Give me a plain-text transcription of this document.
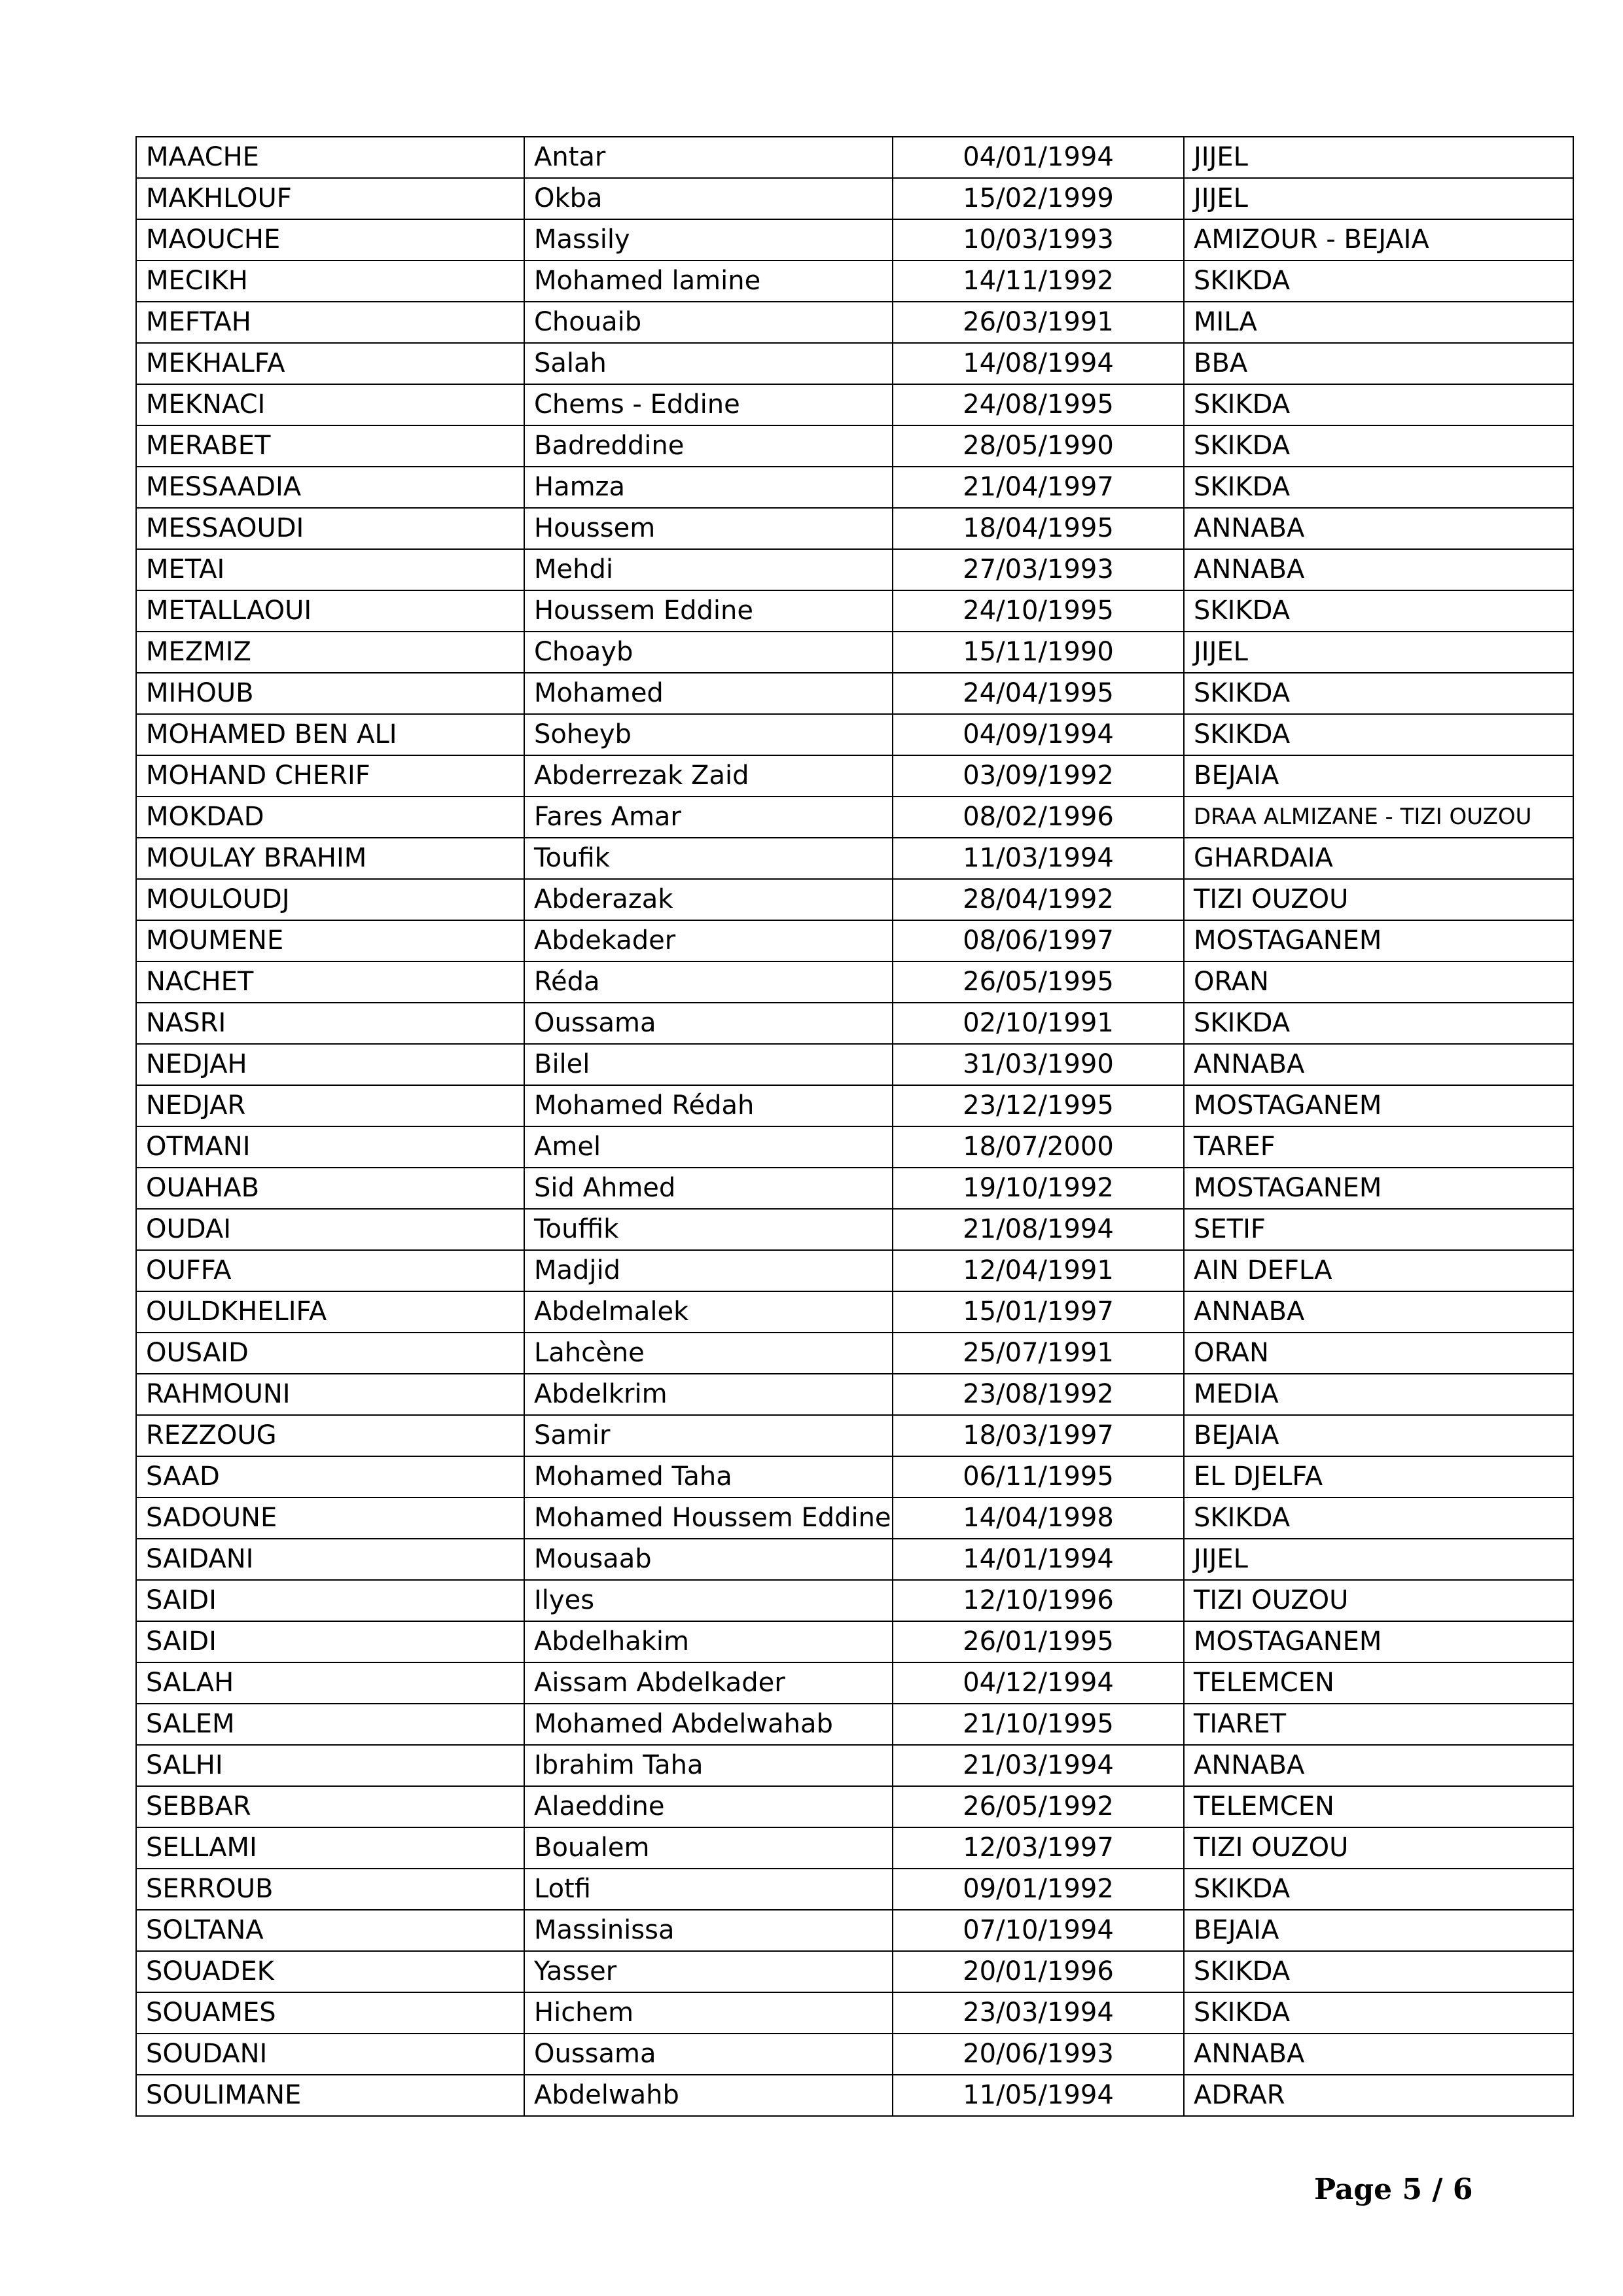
MAACHE	Antar	04/01/1994	JIJEL
MAKHLOUF	Okba	15/02/1999	JIJEL
MAOUCHE	Massily	10/03/1993	AMIZOUR - BEJAIA
MECIKH	Mohamed lamine	14/11/1992	SKIKDA
MEFTAH	Chouaib	26/03/1991	MILA
MEKHALFA	Salah	14/08/1994	BBA
MEKNACI	Chems - Eddine	24/08/1995	SKIKDA
MERABET	Badreddine	28/05/1990	SKIKDA
MESSAADIA	Hamza	21/04/1997	SKIKDA
MESSAOUDI	Houssem	18/04/1995	ANNABA
METAI	Mehdi	27/03/1993	ANNABA
METALLAOUI	Houssem Eddine	24/10/1995	SKIKDA
MEZMIZ	Choayb	15/11/1990	JIJEL
MIHOUB	Mohamed	24/04/1995	SKIKDA
MOHAMED BEN ALI	Soheyb	04/09/1994	SKIKDA
MOHAND CHERIF	Abderrezak Zaid	03/09/1992	BEJAIA
MOKDAD	Fares Amar	08/02/1996	DRAA ALMIZANE - TIZI OUZOU
MOULAY BRAHIM	Toufik	11/03/1994	GHARDAIA
MOULOUDJ	Abderazak	28/04/1992	TIZI OUZOU
MOUMENE	Abdekader	08/06/1997	MOSTAGANEM
NACHET	Réda	26/05/1995	ORAN
NASRI	Oussama	02/10/1991	SKIKDA
NEDJAH	Bilel	31/03/1990	ANNABA
NEDJAR	Mohamed Rédah	23/12/1995	MOSTAGANEM
OTMANI	Amel	18/07/2000	TAREF
OUAHAB	Sid Ahmed	19/10/1992	MOSTAGANEM
OUDAI	Touffik	21/08/1994	SETIF
OUFFA	Madjid	12/04/1991	AIN DEFLA
OULDKHELIFA	Abdelmalek	15/01/1997	ANNABA
OUSAID	Lahcène	25/07/1991	ORAN
RAHMOUNI	Abdelkrim	23/08/1992	MEDIA
REZZOUG	Samir	18/03/1997	BEJAIA
SAAD	Mohamed Taha	06/11/1995	EL DJELFA
SADOUNE	Mohamed Houssem Eddine	14/04/1998	SKIKDA
SAIDANI	Mousaab	14/01/1994	JIJEL
SAIDI	Ilyes	12/10/1996	TIZI OUZOU
SAIDI	Abdelhakim	26/01/1995	MOSTAGANEM
SALAH	Aissam Abdelkader	04/12/1994	TELEMCEN
SALEM	Mohamed Abdelwahab	21/10/1995	TIARET
SALHI	Ibrahim Taha	21/03/1994	ANNABA
SEBBAR	Alaeddine	26/05/1992	TELEMCEN
SELLAMI	Boualem	12/03/1997	TIZI OUZOU
SERROUB	Lotfi	09/01/1992	SKIKDA
SOLTANA	Massinissa	07/10/1994	BEJAIA
SOUADEK	Yasser	20/01/1996	SKIKDA
SOUAMES	Hichem	23/03/1994	SKIKDA
SOUDANI	Oussama	20/06/1993	ANNABA
SOULIMANE	Abdelwahb	11/05/1994	ADRAR
Page 5 / 6
